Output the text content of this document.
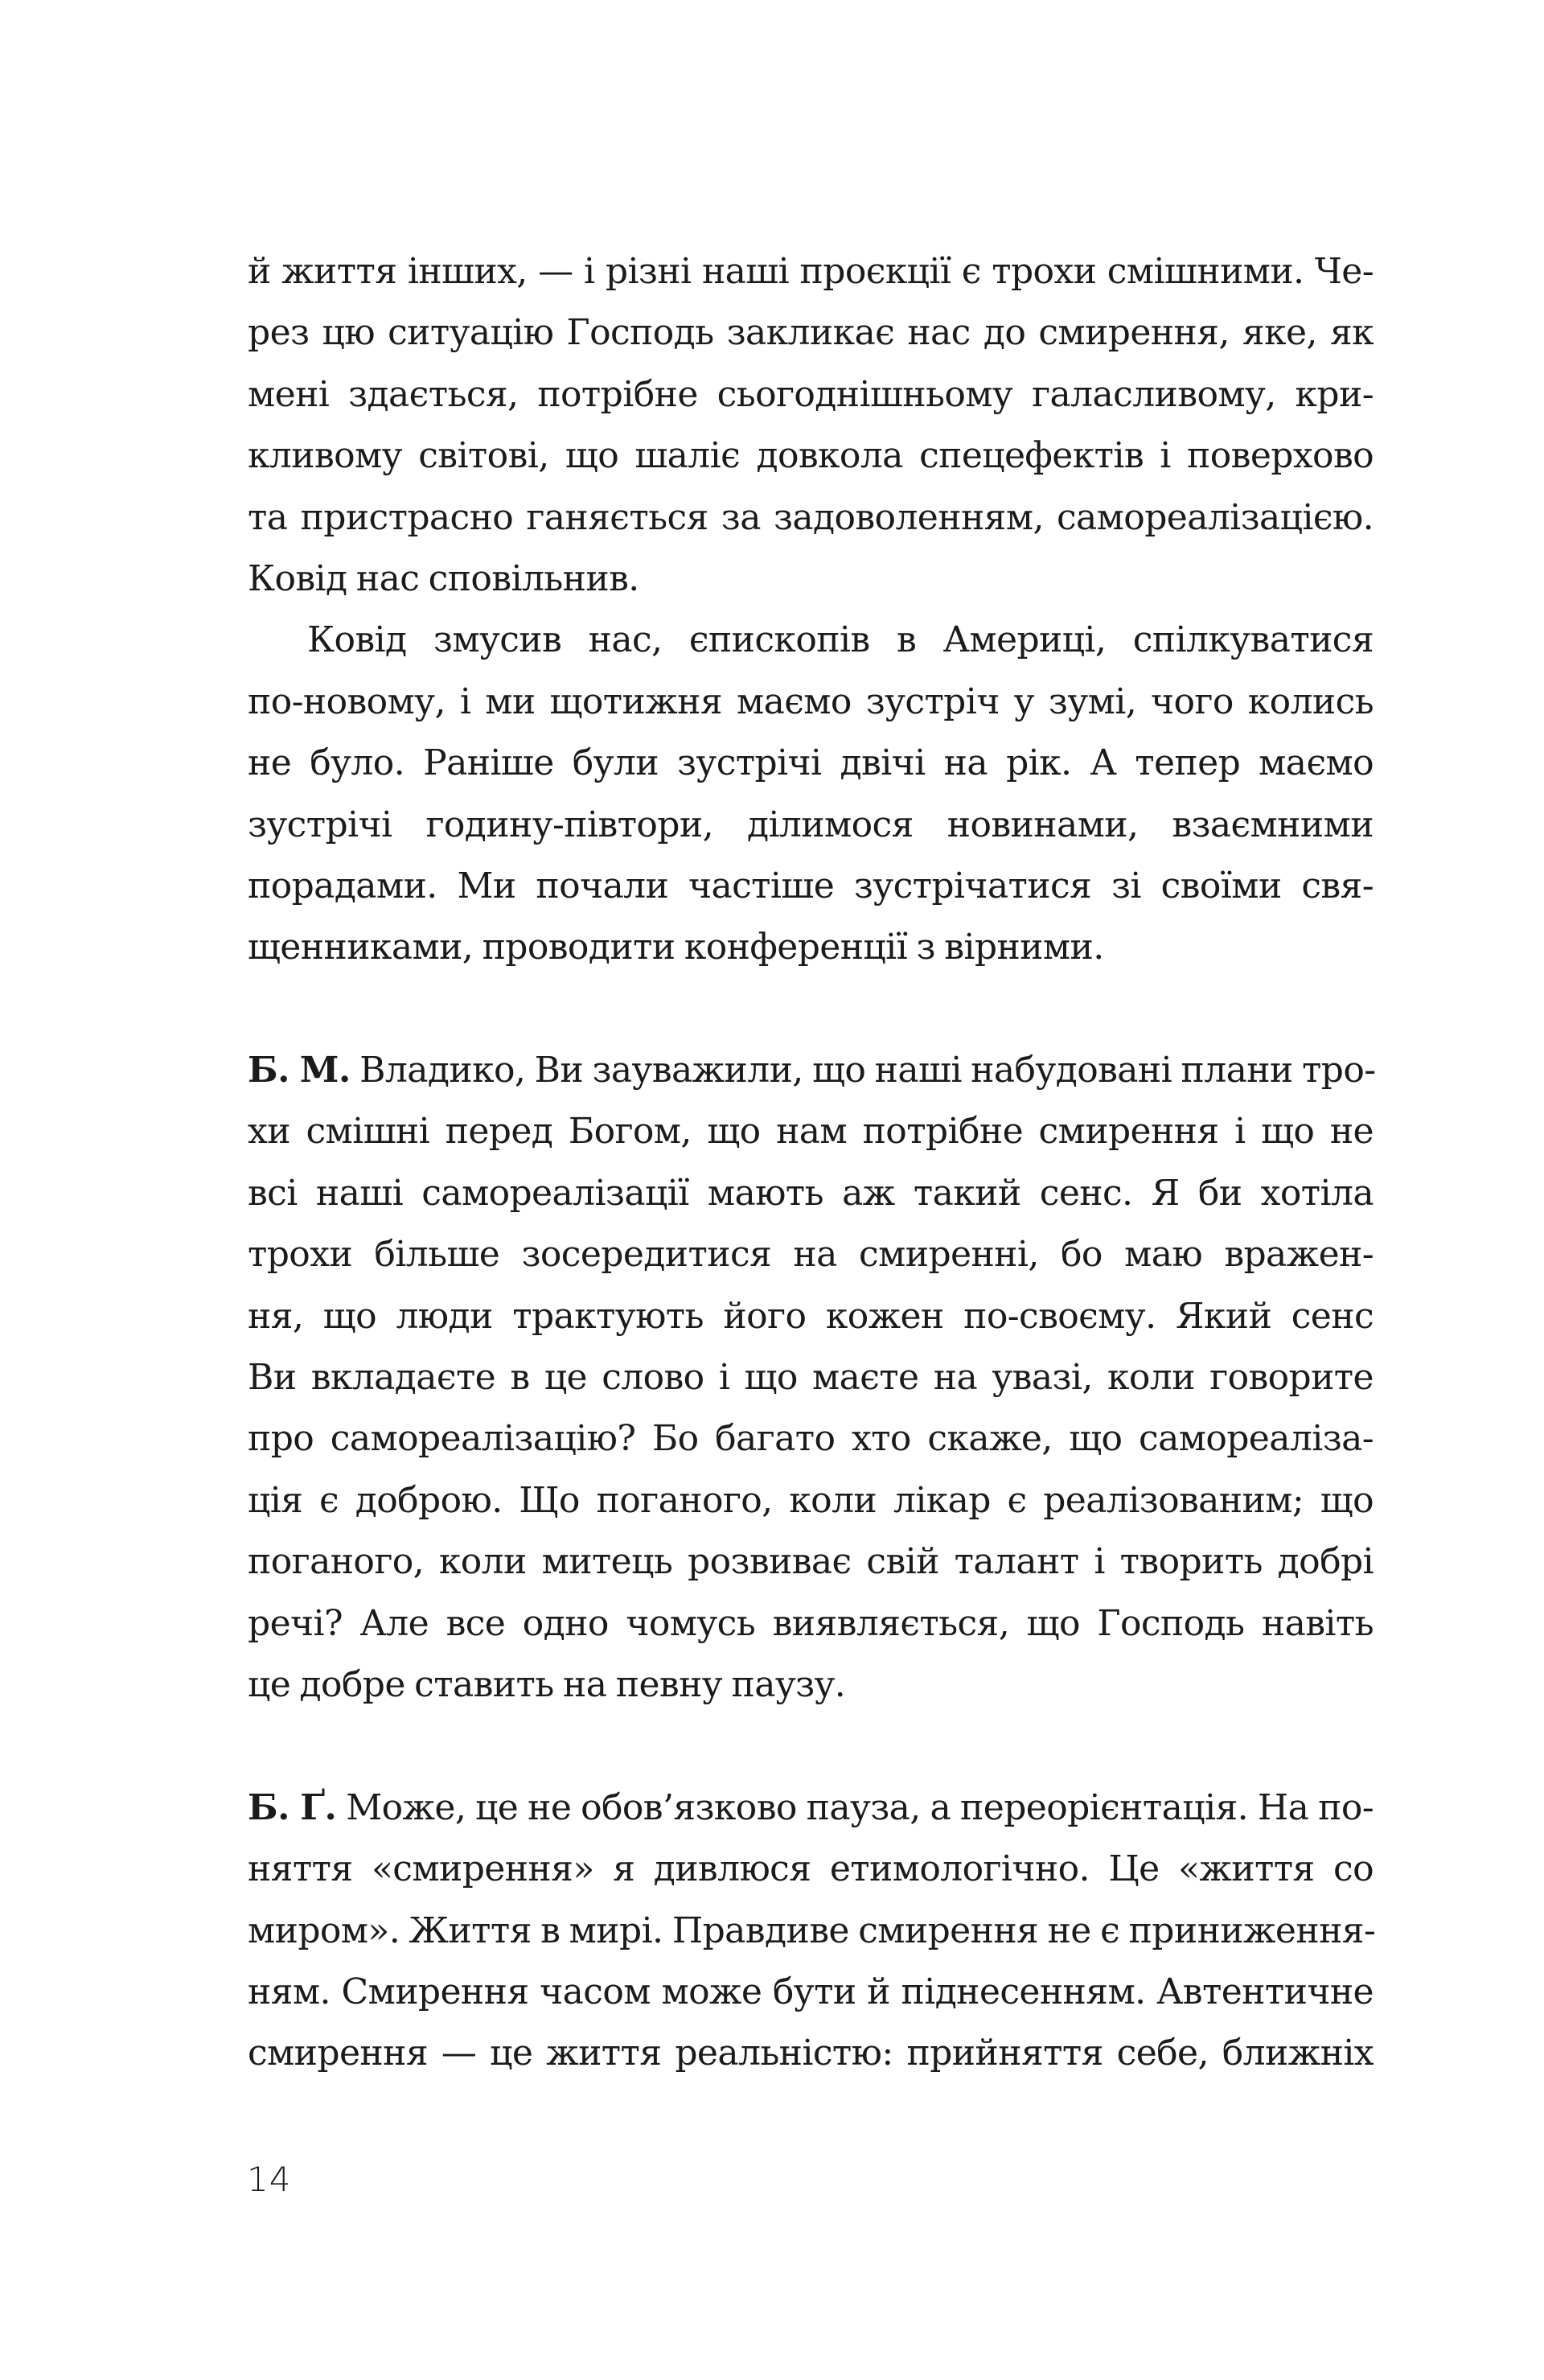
й життя інших, — і різні наші проєкції є трохи смішними. Че-
рез цю ситуацію Господь закликає нас до смирення, яке, як
мені здається, потрібне сьогоднішньому галасливому, кри-
кливому світові, що шаліє довкола спецефектів і поверхово
та пристрасно ганяється за задоволенням, самореалізацією.
Ковід нас сповільнив.
Ковід змусив нас, єпископів в Америці, спілкуватися
по-новому, і ми щотижня маємо зустріч у зумі, чого колись
не було. Раніше були зустрічі двічі на рік. А тепер маємо
зустрічі годину-півтори, ділимося новинами, взаємними
порадами. Ми почали частіше зустрічатися зі своїми свя-
щенниками, проводити конференції з вірними.
Б. М. Владико, Ви зауважили, що наші набудовані плани тро-
хи смішні перед Богом, що нам потрібне смирення і що не
всі наші самореалізації мають аж такий сенс. Я би хотіла
трохи більше зосередитися на смиренні, бо маю вражен-
ня, що люди трактують його кожен по-своєму. Який сенс
Ви вкладаєте в це слово і що маєте на увазі, коли говорите
про самореалізацію? Бо багато хто скаже, що самореаліза-
ція є доброю. Що поганого, коли лікар є реалізованим; що
поганого, коли митець розвиває свій талант і творить добрі
речі? Але все одно чомусь виявляється, що Господь навіть
це добре ставить на певну паузу.
Б. Ґ. Може, це не обов’язково пауза, а переорієнтація. На по-
няття «смирення» я дивлюся етимологічно. Це «життя со
миром». Життя в мирі. Правдиве смирення не є приниження-
ням. Смирення часом може бути й піднесенням. Автентичне
смирення — це життя реальністю: прийняття себе, ближніх
14
